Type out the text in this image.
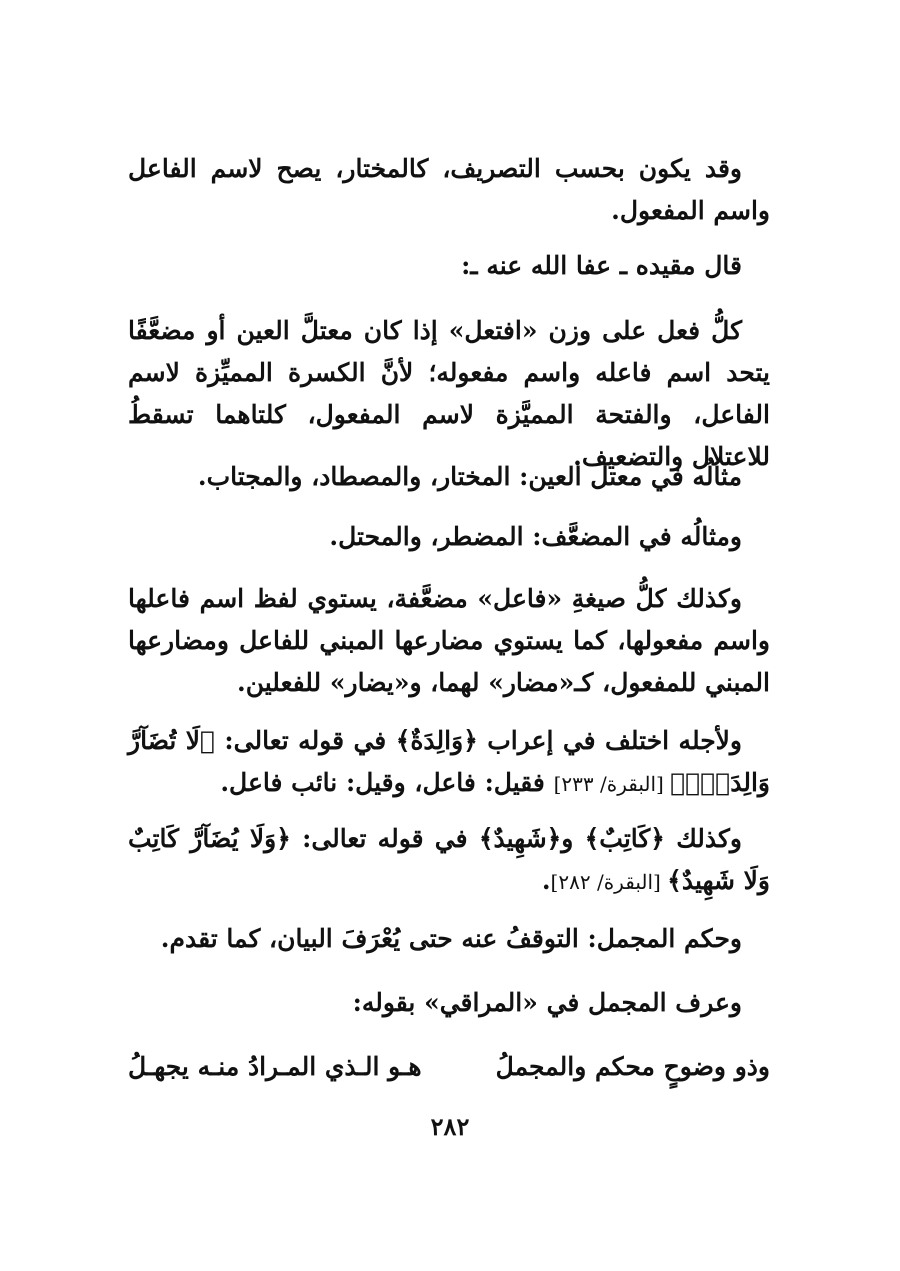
وقد يكون بحسب التصريف، كالمختار، يصح لاسم الفاعل واسم المفعول.

قال مقيده ـ عفا الله عنه ـ:

كلُّ فعل على وزن «افتعل» إذا كان معتلَّ العين أو مضعَّفًا يتحد اسم فاعله واسم مفعوله؛ لأنَّ الكسرة المميِّزة لاسم الفاعل، والفتحة المميَّزة لاسم المفعول، كلتاهما تسقطُ للاعتلال والتضعيف.

مثالُه في معتل العين: المختار، والمصطاد، والمجتاب.

ومثالُه في المضعَّف: المضطر، والمحتل.

وكذلك كلُّ صيغةِ «فاعل» مضعَّفة، يستوي لفظ اسم فاعلها واسم مفعولها، كما يستوي مضارعها المبني للفاعل ومضارعها المبني للمفعول، كـ«مضار» لهما، و«يضار» للفعلين.

ولأجله اختلف في إعراب ﴿وَالِدَةٌ﴾ في قوله تعالى: ﴿لَا تُضَآرَّ وَالِدَةٌۢ﴾ [البقرة/ ٢٣٣] فقيل: فاعل، وقيل: نائب فاعل.

وكذلك ﴿كَاتِبٌ﴾ و﴿شَهِيدٌ﴾ في قوله تعالى: ﴿وَلَا يُضَآرَّ كَاتِبٌ وَلَا شَهِيدٌ﴾ [البقرة/ ٢٨٢].

وحكم المجمل: التوقفُ عنه حتى يُعْرَفَ البيان، كما تقدم.

وعرف المجمل في «المراقي» بقوله:

وذو وضوحٍ محكم والمجملُ
هـو الـذي المـرادُ منـه يجهـلُ
٢٨٢
